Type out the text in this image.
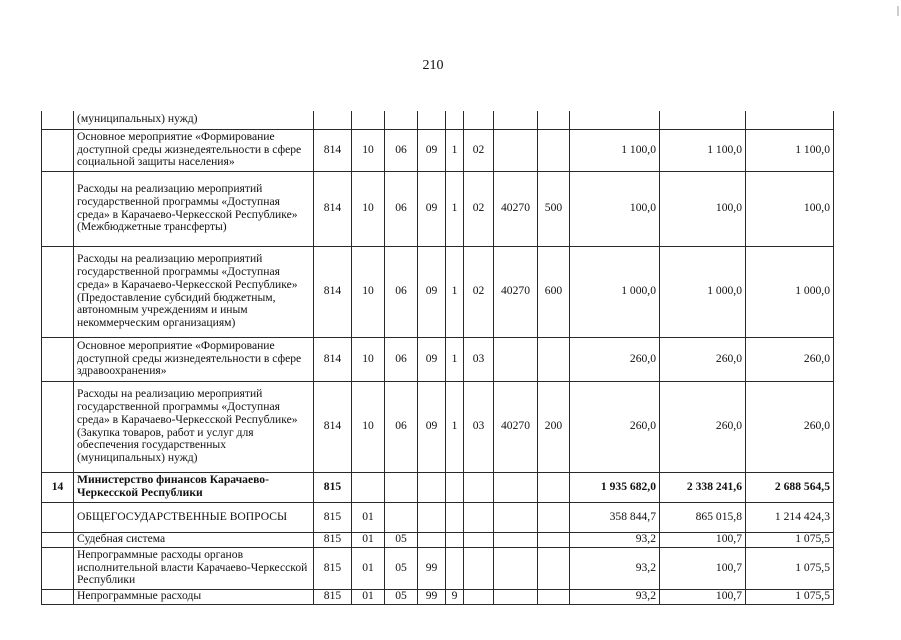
210
	(муниципальных) нужд)											
	Основное мероприятие «Формирование доступной среды жизнедеятельности в сфере социальной защиты населения»	814	10	06	09	1	02			1 100,0	1 100,0	1 100,0
	Расходы на реализацию мероприятий государственной программы «Доступная среда» в Карачаево-Черкесской Республике» (Межбюджетные трансферты)	814	10	06	09	1	02	40270	500	100,0	100,0	100,0
	Расходы на реализацию мероприятий государственной программы «Доступная среда» в Карачаево-Черкесской Республике» (Предоставление субсидий бюджетным, автономным учреждениям и иным некоммерческим организациям)	814	10	06	09	1	02	40270	600	1 000,0	1 000,0	1 000,0
	Основное мероприятие «Формирование доступной среды жизнедеятельности в сфере здравоохранения»	814	10	06	09	1	03			260,0	260,0	260,0
	Расходы на реализацию мероприятий государственной программы «Доступная среда» в Карачаево-Черкесской Республике» (Закупка товаров, работ и услуг для обеспечения государственных (муниципальных) нужд)	814	10	06	09	1	03	40270	200	260,0	260,0	260,0
14	Министерство финансов Карачаево-Черкесской Республики	815								1 935 682,0	2 338 241,6	2 688 564,5
	ОБЩЕГОСУДАРСТВЕННЫЕ ВОПРОСЫ	815	01							358 844,7	865 015,8	1 214 424,3
	Судебная система	815	01	05						93,2	100,7	1 075,5
	Непрограммные расходы органов исполнительной власти Карачаево-Черкесской Республики	815	01	05	99					93,2	100,7	1 075,5
	Непрограммные расходы	815	01	05	99	9				93,2	100,7	1 075,5
